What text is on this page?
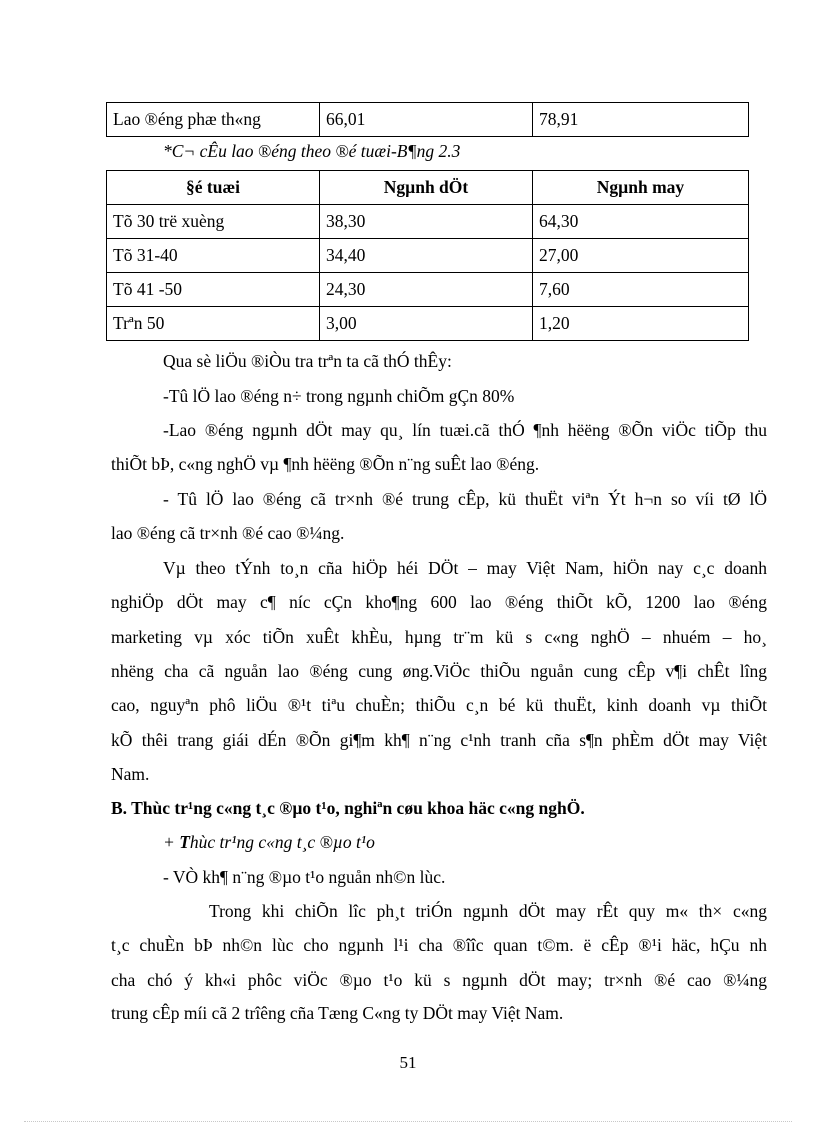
Lao ®éng phæ th«ng	66,01	78,91
*C¬ cÊu lao ®éng theo ®é tuæi-B¶ng 2.3
§é tuæi	Ngµnh dÖt	Ngµnh may
Tõ 30 trë xuèng	38,30	64,30
Tõ 31-40	34,40	27,00
Tõ 41 -50	24,30	7,60
Trªn 50	3,00	1,20
Qua sè liÖu ®iÒu tra trªn ta cã thÓ thÊy:
-Tû lÖ lao ®éng n÷ trong ngµnh chiÕm gÇn 80%
-Lao ®éng ngµnh dÖt may qu¸ lín tuæi.cã thÓ ¶nh hëëng ®Õn viÖc tiÕp thu
thiÕt bÞ, c«ng nghÖ vµ ¶nh hëëng ®Õn n¨ng suÊt lao ®éng.
- Tû lÖ lao ®éng cã tr×nh ®é trung cÊp, kü thuËt viªn Ýt h¬n so víi tØ lÖ
lao ®éng cã tr×nh ®é cao ®¼ng.
Vµ theo tÝnh to¸n cña hiÖp héi DÖt – may Việt Nam, hiÖn nay c¸c doanh
nghiÖp dÖt may c¶ níc cÇn kho¶ng 600 lao ®éng thiÕt kÕ, 1200 lao ®éng
marketing vµ xóc tiÕn xuÊt khÈu, hµng tr¨m kü s c«ng nghÖ – nhuém – ho¸
nhëng cha cã nguån lao ®éng cung øng.ViÖc thiÕu nguån cung cÊp v¶i chÊt lîng
cao, nguyªn phô liÖu ®¹t tiªu chuÈn; thiÕu c¸n bé kü thuËt, kinh doanh vµ thiÕt
kÕ thêi trang giái dÉn ®Õn gi¶m kh¶ n¨ng c¹nh tranh cña s¶n phÈm dÖt may Việt
Nam.
B. Thùc tr¹ng c«ng t¸c ®µo t¹o, nghiªn cøu khoa häc c«ng nghÖ.
+ Thùc tr¹ng c«ng t¸c ®µo t¹o
- VÒ kh¶ n¨ng ®µo t¹o nguån nh©n lùc.
Trong khi chiÕn lîc ph¸t triÓn ngµnh dÖt may rÊt quy m« th× c«ng
t¸c chuÈn bÞ nh©n lùc cho ngµnh l¹i cha ®îîc quan t©m. ë cÊp ®¹i häc, hÇu nh
cha chó ý kh«i phôc viÖc ®µo t¹o kü s ngµnh dÖt may; tr×nh ®é cao ®¼ng
trung cÊp míi cã 2 trîêng cña Tæng C«ng ty DÖt may Việt Nam.
51
